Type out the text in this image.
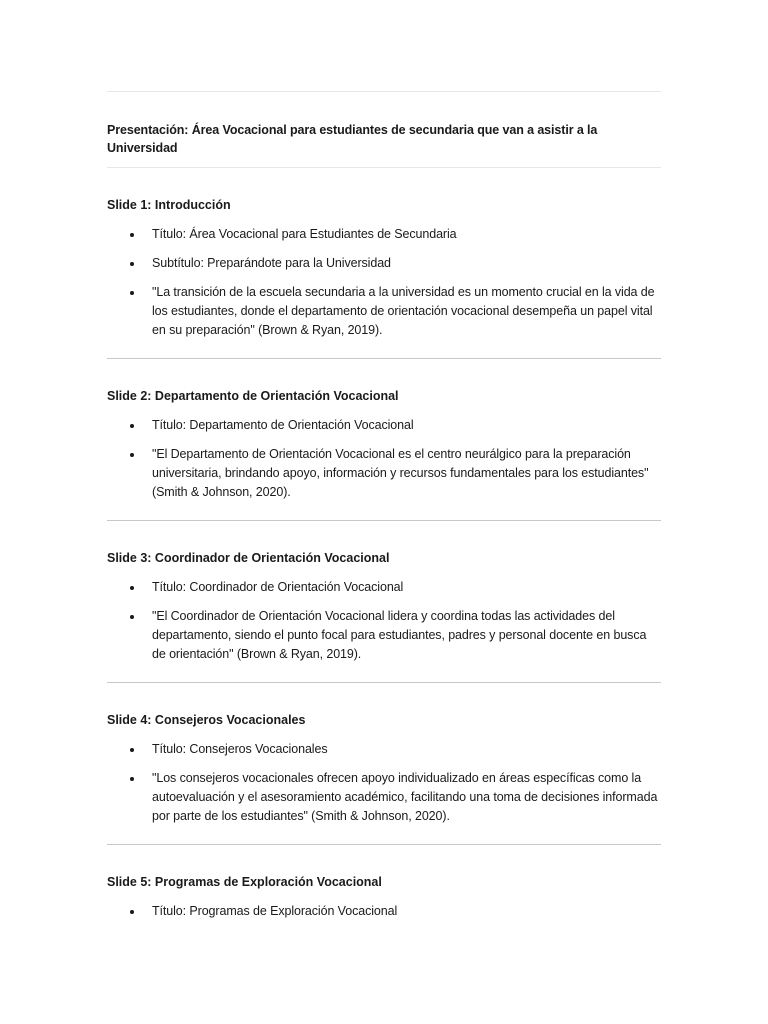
Presentación: Área Vocacional para estudiantes de secundaria que van a asistir a la Universidad

Slide 1: Introducción

Título: Área Vocacional para Estudiantes de Secundaria
Subtítulo: Preparándote para la Universidad
"La transición de la escuela secundaria a la universidad es un momento crucial en la vida de los estudiantes, donde el departamento de orientación vocacional desempeña un papel vital en su preparación" (Brown & Ryan, 2019).

Slide 2: Departamento de Orientación Vocacional

Título: Departamento de Orientación Vocacional
"El Departamento de Orientación Vocacional es el centro neurálgico para la preparación universitaria, brindando apoyo, información y recursos fundamentales para los estudiantes" (Smith & Johnson, 2020).

Slide 3: Coordinador de Orientación Vocacional

Título: Coordinador de Orientación Vocacional
"El Coordinador de Orientación Vocacional lidera y coordina todas las actividades del departamento, siendo el punto focal para estudiantes, padres y personal docente en busca de orientación" (Brown & Ryan, 2019).

Slide 4: Consejeros Vocacionales

Título: Consejeros Vocacionales
"Los consejeros vocacionales ofrecen apoyo individualizado en áreas específicas como la autoevaluación y el asesoramiento académico, facilitando una toma de decisiones informada por parte de los estudiantes" (Smith & Johnson, 2020).

Slide 5: Programas de Exploración Vocacional

Título: Programas de Exploración Vocacional
